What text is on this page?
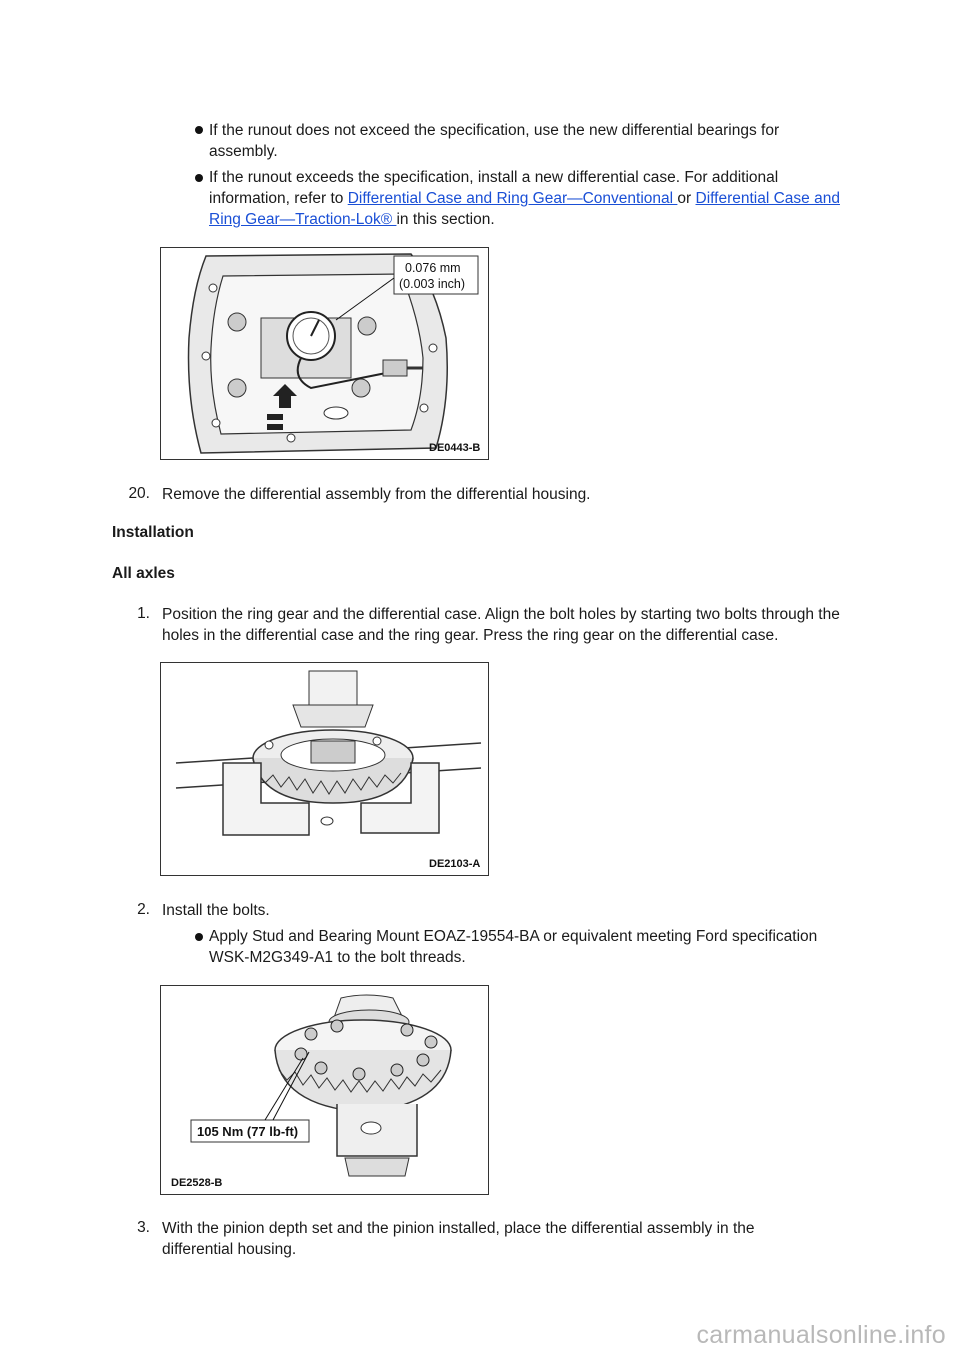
If the runout does not exceed the specification, use the new differential bearings for assembly.
If the runout exceeds the specification, install a new differential case. For additional information, refer to Differential Case and Ring Gear—Conventional or Differential Case and Ring Gear—Traction-Lok® in this section.
0.076 mm
(0.003 inch)
DE0443-B
20. Remove the differential assembly from the differential housing.
Installation
All axles
1. Position the ring gear and the differential case. Align the bolt holes by starting two bolts through the holes in the differential case and the ring gear. Press the ring gear on the differential case.
DE2103-A
2. Install the bolts.
Apply Stud and Bearing Mount EOAZ-19554-BA or equivalent meeting Ford specification WSK-M2G349-A1 to the bolt threads.
105 Nm (77 lb-ft)
DE2528-B
3. With the pinion depth set and the pinion installed, place the differential assembly in the differential housing.
carmanualsonline.info
